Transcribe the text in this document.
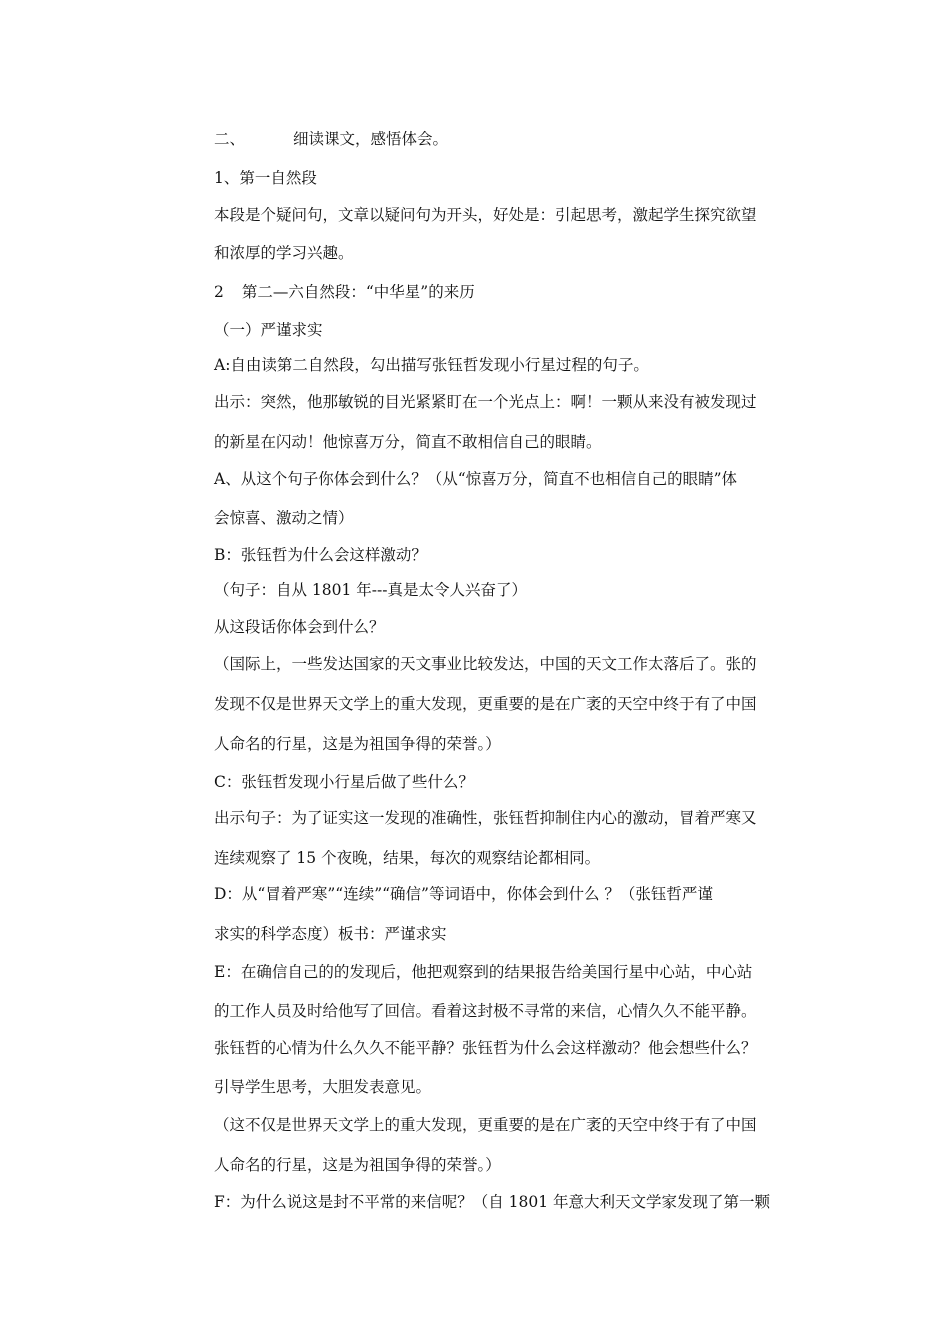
二、	细读课文，感悟体会。
1、第一自然段
本段是个疑问句，文章以疑问句为开头，好处是：引起思考，激起学生探究欲望
和浓厚的学习兴趣。
2 第二—六自然段：“中华星”的来历
（一）严谨求实
A:自由读第二自然段，勾出描写张钰哲发现小行星过程的句子。
出示：突然，他那敏锐的目光紧紧盯在一个光点上：啊！一颗从来没有被发现过
的新星在闪动！他惊喜万分，简直不敢相信自己的眼睛。
A、从这个句子你体会到什么？（从“惊喜万分，简直不也相信自己的眼睛”体
会惊喜、激动之情）
B：张钰哲为什么会这样激动？
（句子：自从 1801 年---真是太令人兴奋了）
从这段话你体会到什么？
（国际上，一些发达国家的天文事业比较发达，中国的天文工作太落后了。张的
发现不仅是世界天文学上的重大发现，更重要的是在广袤的天空中终于有了中国
人命名的行星，这是为祖国争得的荣誉。）
C：张钰哲发现小行星后做了些什么？
出示句子：为了证实这一发现的准确性，张钰哲抑制住内心的激动，冒着严寒又
连续观察了 15 个夜晚，结果，每次的观察结论都相同。
D：从“冒着严寒”“连续”“确信”等词语中，你体会到什么 ？（张钰哲严谨
求实的科学态度）板书：严谨求实
E：在确信自己的的发现后，他把观察到的结果报告给美国行星中心站，中心站
的工作人员及时给他写了回信。看着这封极不寻常的来信，心情久久不能平静。
张钰哲的心情为什么久久不能平静？张钰哲为什么会这样激动？他会想些什么？
引导学生思考，大胆发表意见。
（这不仅是世界天文学上的重大发现，更重要的是在广袤的天空中终于有了中国
人命名的行星，这是为祖国争得的荣誉。）
F：为什么说这是封不平常的来信呢？（自 1801 年意大利天文学家发现了第一颗
